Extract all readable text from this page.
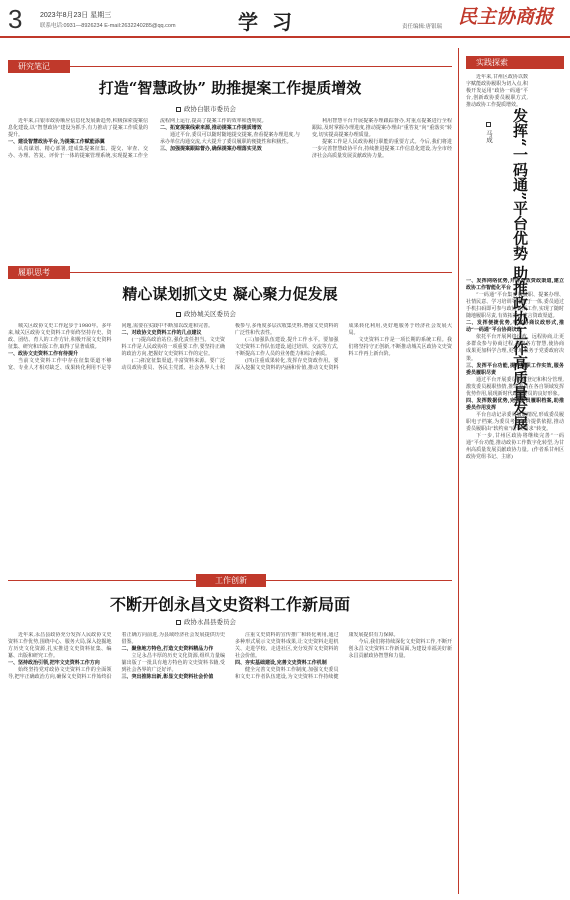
3	2023年8月23日 星期三
联系电话:0931—8926234 E-mail:2632240285@qq.com	学习	责任编辑:唐银瑞 民主协商报
研究笔记
打造“智慧政协” 助推提案工作提质增效
政协白银市委员会

近年来,白银市政协顺应信息化发展新趋势,积极探索提案信息化建设,以“智慧政协”建设为抓手,有力推动了提案工作质量的提升。

一、建设智慧政协平台,为提案工作赋能添翼

认真谋划、精心部署,建成集提案征集、提交、审查、交办、办理、答复、评价于一体的提案管理系统,实现提案工作全流程网上运行,提高了提案工作的效率和透明度。

二、拓宽提案线索来源,推动提案工作提质增效

通过平台,委员可以随时随地提交提案,查看提案办理进度,与承办单位沟通交流,大大提升了委员履职的便捷性和积极性。

三、加强提案跟踪督办,确保提案办理落实见效

利用智慧平台开展提案办理跟踪督办,对重点提案进行全程跟踪,及时掌握办理进度,推动提案办理由“重答复”向“重落实”转变,切实提高提案办理质量。

提案工作是人民政协履行职能的重要方式。今后,我们将进一步完善智慧政协平台,持续推进提案工作信息化建设,为全市经济社会高质量发展贡献政协力量。

履职思考
精心谋划抓文史 凝心聚力促发展
政协城关区委员会

城关区政协文史工作起步于1980年。多年来,城关区政协文史资料工作始终坚持存史、资政、团结、育人的工作方针,积极开展文史资料征集、研究和出版工作,取得了显著成绩。

一、政协文史资料工作有待提升

当前文史资料工作中存在征集渠道不够宽、专业人才相对缺乏、成果转化利用不足等问题,需要在实践中不断加以改进和完善。

二、对政协文史资料工作的几点建议

(一)提高政治站位,强化责任担当。文史资料工作是人民政协的一项重要工作,要坚持正确的政治方向,把握好文史资料工作的定位。

(二)拓宽征集渠道,丰富资料来源。要广泛动员政协委员、各民主党派、社会各界人士积极参与,多角度多层次收集史料,增强文史资料的广泛性和代表性。

(三)加强队伍建设,提升工作水平。要加强文史资料工作队伍建设,通过培训、交流等方式,不断提高工作人员的业务能力和综合素质。

(四)注重成果转化,发挥存史资政作用。要深入挖掘文史资料的内涵和价值,推动文史资料成果转化利用,更好地服务于经济社会发展大局。

文史资料工作是一项长期的系统工程。我们将坚持守正创新,不断推动城关区政协文史资料工作再上新台阶。

工作创新
不断开创永昌文史资料工作新局面
政协永昌县委员会

近年来,永昌县政协充分发挥人民政协文史资料工作优势,围绕中心、服务大局,深入挖掘地方历史文化资源,扎实推进文史资料征集、编纂、出版和研究工作。

一、坚持政治引领,把牢文史资料工作方向

始终坚持党对政协文史资料工作的全面领导,把牢正确政治方向,确保文史资料工作始终沿着正确方向前进,为县域经济社会发展提供历史借鉴。

二、聚焦地方特色,打造文史资料精品力作

立足永昌丰厚的历史文化资源,组织力量编纂出版了一批具有地方特色的文史资料书籍,受到社会各界的广泛好评。

三、突出推陈出新,彰显文史资料社会价值

注重文史资料的宣传推广和转化利用,通过多种形式展示文史资料成果,让文史资料走进机关、走进学校、走进社区,充分发挥文史资料的社会价值。

四、夯实基础建设,完善文史资料工作机制

健全完善文史资料工作制度,加强文史委员和文史工作者队伍建设,为文史资料工作持续健康发展提供有力保障。

今后,我们将持续深化文史资料工作,不断开创永昌文史资料工作新局面,为建设幸福美好新永昌贡献政协智慧和力量。

实践探索

近年来,甘州区政协以数字赋能政协履职为切入点,积极开发运用“政协一码通”平台,创新政协委员履职方式,推动政协工作提质增效。

发挥“一码通”平台优势 助推政协工作高质量发展
马成

一、发挥网络优势,开辟有效资政渠道,建立政协工作智能化平台

“一码通”平台集委员履职、提案办理、社情民意、学习培训等功能于一体,委员通过手机扫码即可参与政协各项工作,实现了随时随地履职尽责,有效拓宽了建言资政渠道。

二、发挥便捷优势,丰富协商议政形式,推动“一码通”平台协商议政

依托平台开展网络议政、远程协商,让更多群众参与协商过程,凝聚各方智慧,使协商成果更加科学合理,更好地服务于党委政府决策。

三、发挥平台功能,提升履职工作实效,服务委员履职尽责

通过平台开展委员履职登记和积分管理,激发委员履职热情,推动委员在各自领域发挥优势作用,展现新时代政协委员的良好形象。

四、发挥数据优势,完善委员履职档案,助推委员作用发挥

平台自动记录委员履职情况,形成委员履职电子档案,为委员考核评价提供依据,推动委员履职由“软约束”向“硬要求”转变。

下一步,甘州区政协将继续完善“一码通”平台功能,推动政协工作数字化转型,为甘州高质量发展贡献政协力量。(作者系甘州区政协党组书记、主席)
